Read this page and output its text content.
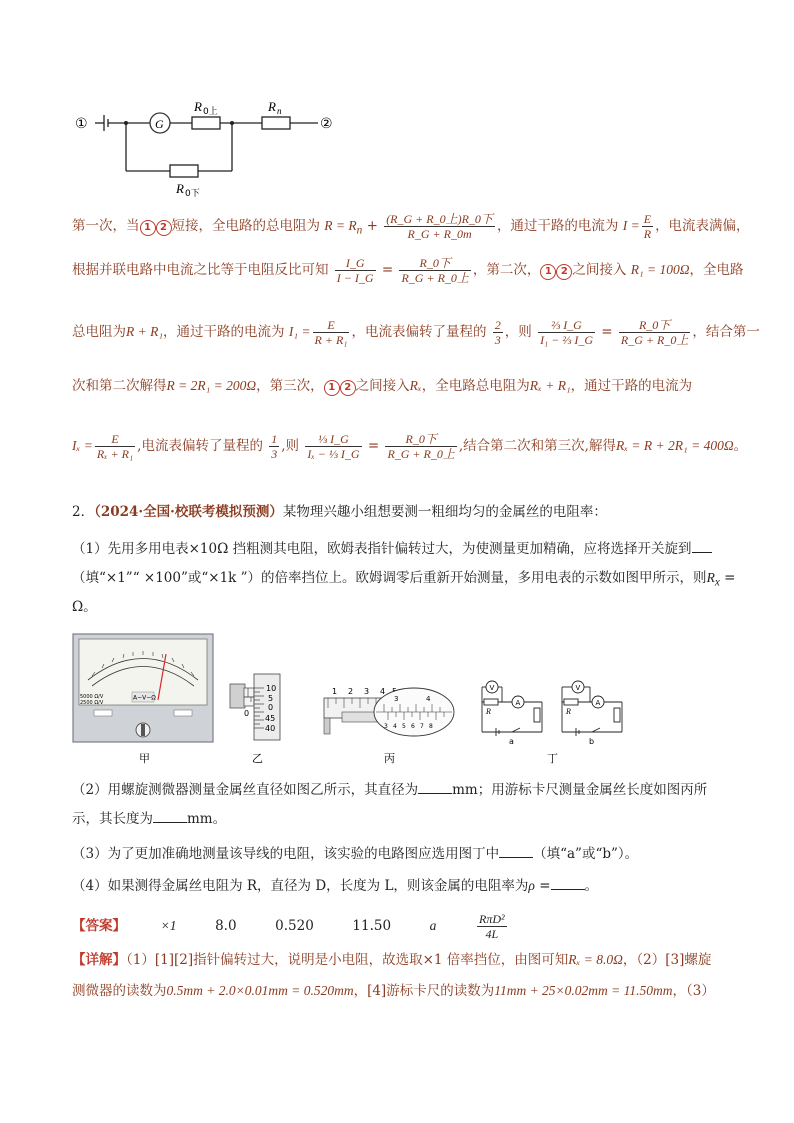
①	②
G
R 0上	R n
R 0下
第一次，当 1 2 短接，全电路的总电阻为 $R = R_n + \frac{\text{(R\_G + R\_0上)R\_0下}}{R\_G + R\_0m}$ ，通过干路的电流为 $I = \frac{E}{R}$ ，电流表满偏，
根据并联电路中电流之比等于电阻反比可知 $\frac{I\_G}{I - I\_G} = \frac{\text{R\_0下}}{\text{R\_G + R\_0上}}$ ，第二次， 1 2 之间接入 R₁ = 100Ω，全电路
总电阻为R + R₁，通过干路的电流为 $I_1 = \frac{E}{\text{R + R₁}}$ ，电流表偏转了量程的 $\frac{2}{3}$ ，则 $\frac{\text{⅔ I\_G}}{\text{I₁ − ⅔ I\_G}} = \frac{\text{R\_0下}}{\text{R\_G + R\_0上}}$ ，结合第一
次和第二次解得R = 2R₁ = 200Ω，第三次， 1 2 之间接入Rₓ，全电路总电阻为Rₓ + R₁，通过干路的电流为
$I_x = \frac{E}{\text{Rₓ + R₁}}$ ,电流表偏转了量程的 $\frac{1}{3}$ ,则 $\frac{\text{⅓ I\_G}}{\text{Iₓ − ⅓ I\_G}} = \frac{\text{R\_0下}}{\text{R\_G + R\_0上}}$ ,结合第二次和第三次,解得Rₓ = R + 2R₁ = 400Ω。
2．（2024·全国·校联考模拟预测）某物理兴趣小组想要测一粗细均匀的金属丝的电阻率：
（1）先用多用电表×10Ω 挡粗测其电阻，欧姆表指针偏转过大，为使测量更加精确，应将选择开关旋到
（填“×1”“ ×100”或“×1k ”）的倍率挡位上。欧姆调零后重新开始测量，多用电表的示数如图甲所示，则$R_x$ =
Ω。
A−V−Ω
5000 Ω/V
2500 Ω/V
甲
0
10
5
0
45
40
乙
1 2 3 4
3	4
3 4 5 6 7 8
丙
V
A
R
a
V
A
R
b
丁
（2）用螺旋测微器测量金属丝直径如图乙所示，其直径为	mm；用游标卡尺测量金属丝长度如图丙所
示，其长度为	mm。
（3）为了更加准确地测量该导线的电阻，该实验的电路图应选用图丁中	（填“a”或“b”）。
（4）如果测得金属丝电阻为 R，直径为 D，长度为 L，则该金属的电阻率为ρ =	。
【答案】	×1	8.0	0.520	11.50	a	$\frac{\text{RπD²}}{4L}$
【详解】（1）[1][2]指针偏转过大，说明是小电阻，故选取×1 倍率挡位，由图可知Rₓ = 8.0Ω，（2）[3]螺旋
测微器的读数为0.5mm + 2.0×0.01mm = 0.520mm，[4]游标卡尺的读数为11mm + 25×0.02mm = 11.50mm，（3）
